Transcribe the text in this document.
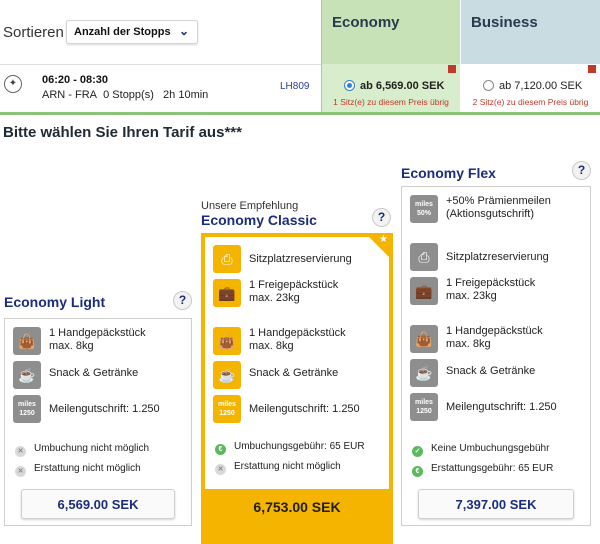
Sortieren Anzahl der Stopps ⌄	Economy
ab 6,569.00 SEK
1 Sitz(e) zu diesem Preis übrig
Business
ab 7,120.00 SEK
2 Sitz(e) zu diesem Preis übrig
✦	06:20 - 08:30
ARN - FRA 0 Stopp(s) 2h 10min
LH809
Bitte wählen Sie Ihren Tarif aus***
Economy Light	?
👜	1 Handgepäckstück
max. 8kg
☕	Snack & Getränke
miles
1250	Meilengutschrift: 1.250
✕ Umbuchung nicht möglich
✕ Erstattung nicht möglich
6,569.00 SEK
Unsere Empfehlung
Economy Classic	?
★
⎙	Sitzplatzreservierung
💼	1 Freigepäckstück
max. 23kg
👜	1 Handgepäckstück
max. 8kg
☕	Snack & Getränke
miles
1250	Meilengutschrift: 1.250
€ Umbuchungsgebühr: 65 EUR
✕ Erstattung nicht möglich
6,753.00 SEK
Economy Flex	?
miles
50%
+50% Prämienmeilen
(Aktionsgutschrift)
⎙	Sitzplatzreservierung
💼	1 Freigepäckstück
max. 23kg
👜	1 Handgepäckstück
max. 8kg
☕	Snack & Getränke
miles
1250	Meilengutschrift: 1.250
✓ Keine Umbuchungsgebühr
€ Erstattungsgebühr: 65 EUR
7,397.00 SEK
